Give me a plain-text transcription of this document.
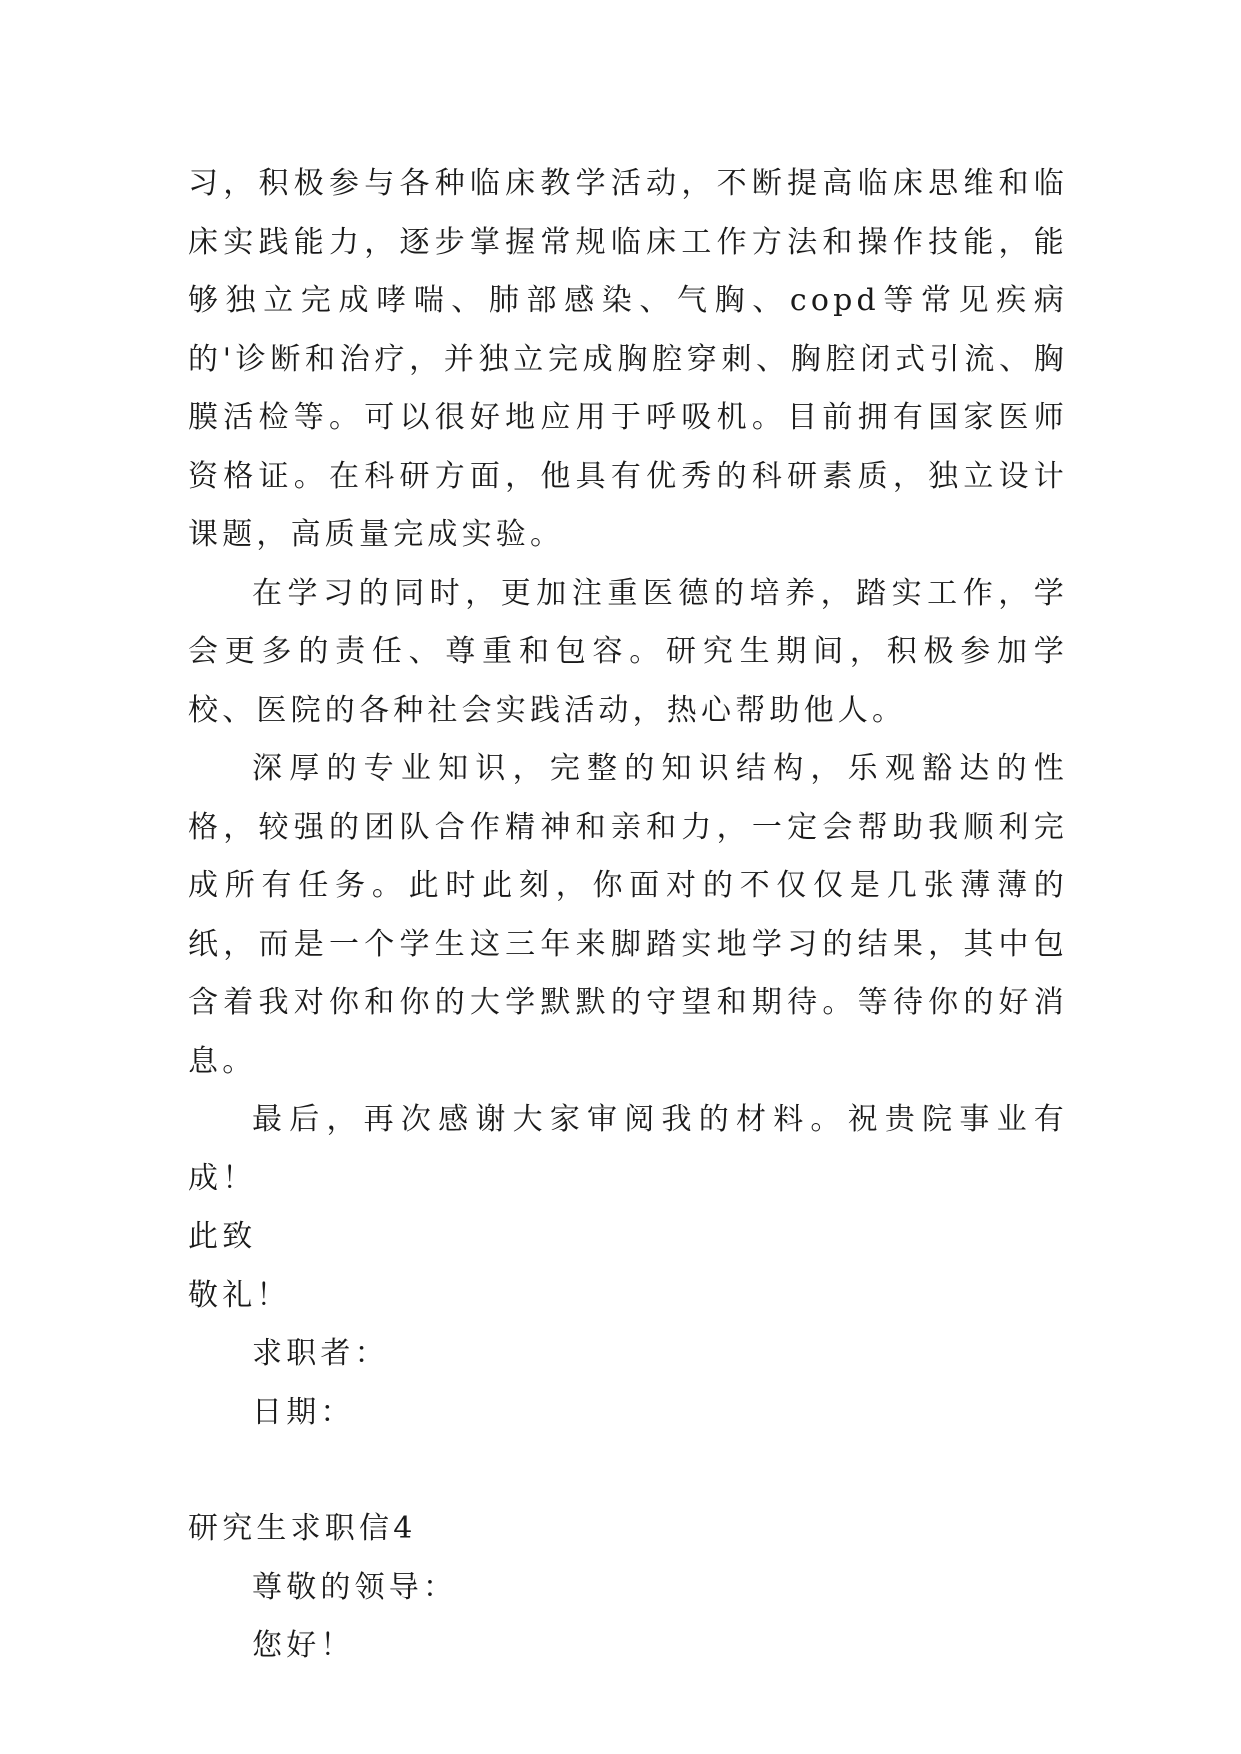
习，积极参与各种临床教学活动，不断提高临床思维和临床实践能力，逐步掌握常规临床工作方法和操作技能，能够独立完成哮喘、肺部感染、气胸、copd等常见疾病的'诊断和治疗，并独立完成胸腔穿刺、胸腔闭式引流、胸膜活检等。可以很好地应用于呼吸机。目前拥有国家医师资格证。在科研方面，他具有优秀的科研素质，独立设计课题，高质量完成实验。

在学习的同时，更加注重医德的培养，踏实工作，学会更多的责任、尊重和包容。研究生期间，积极参加学校、医院的各种社会实践活动，热心帮助他人。

深厚的专业知识，完整的知识结构，乐观豁达的性格，较强的团队合作精神和亲和力，一定会帮助我顺利完成所有任务。此时此刻，你面对的不仅仅是几张薄薄的纸，而是一个学生这三年来脚踏实地学习的结果，其中包含着我对你和你的大学默默的守望和期待。等待你的好消息。

最后，再次感谢大家审阅我的材料。祝贵院事业有成！

此致

敬礼！

求职者：

日期：

研究生求职信4

尊敬的领导：

您好！
